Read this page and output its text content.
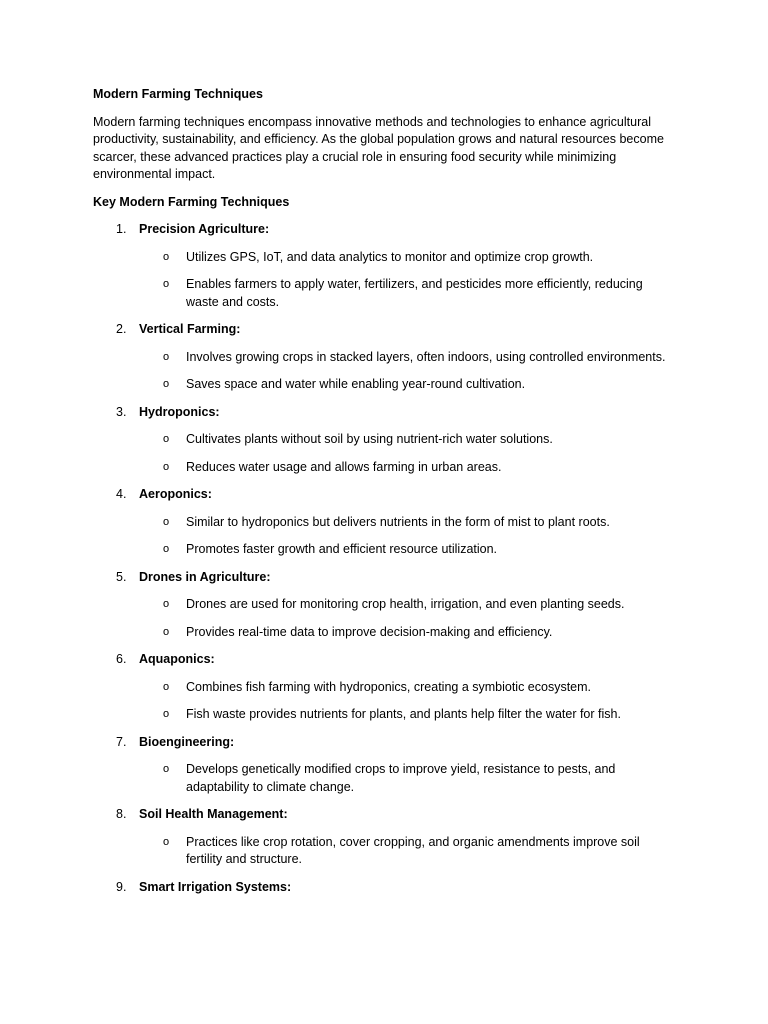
Modern Farming Techniques

Modern farming techniques encompass innovative methods and technologies to enhance agricultural productivity, sustainability, and efficiency. As the global population grows and natural resources become scarcer, these advanced practices play a crucial role in ensuring food security while minimizing environmental impact.

Key Modern Farming Techniques

1. Precision Agriculture:
o Utilizes GPS, IoT, and data analytics to monitor and optimize crop growth.
o Enables farmers to apply water, fertilizers, and pesticides more efficiently, reducing waste and costs.
2. Vertical Farming:
o Involves growing crops in stacked layers, often indoors, using controlled environments.
o Saves space and water while enabling year-round cultivation.
3. Hydroponics:
o Cultivates plants without soil by using nutrient-rich water solutions.
o Reduces water usage and allows farming in urban areas.
4. Aeroponics:
o Similar to hydroponics but delivers nutrients in the form of mist to plant roots.
o Promotes faster growth and efficient resource utilization.
5. Drones in Agriculture:
o Drones are used for monitoring crop health, irrigation, and even planting seeds.
o Provides real-time data to improve decision-making and efficiency.
6. Aquaponics:
o Combines fish farming with hydroponics, creating a symbiotic ecosystem.
o Fish waste provides nutrients for plants, and plants help filter the water for fish.
7. Bioengineering:
o Develops genetically modified crops to improve yield, resistance to pests, and adaptability to climate change.
8. Soil Health Management:
o Practices like crop rotation, cover cropping, and organic amendments improve soil fertility and structure.
9. Smart Irrigation Systems:
